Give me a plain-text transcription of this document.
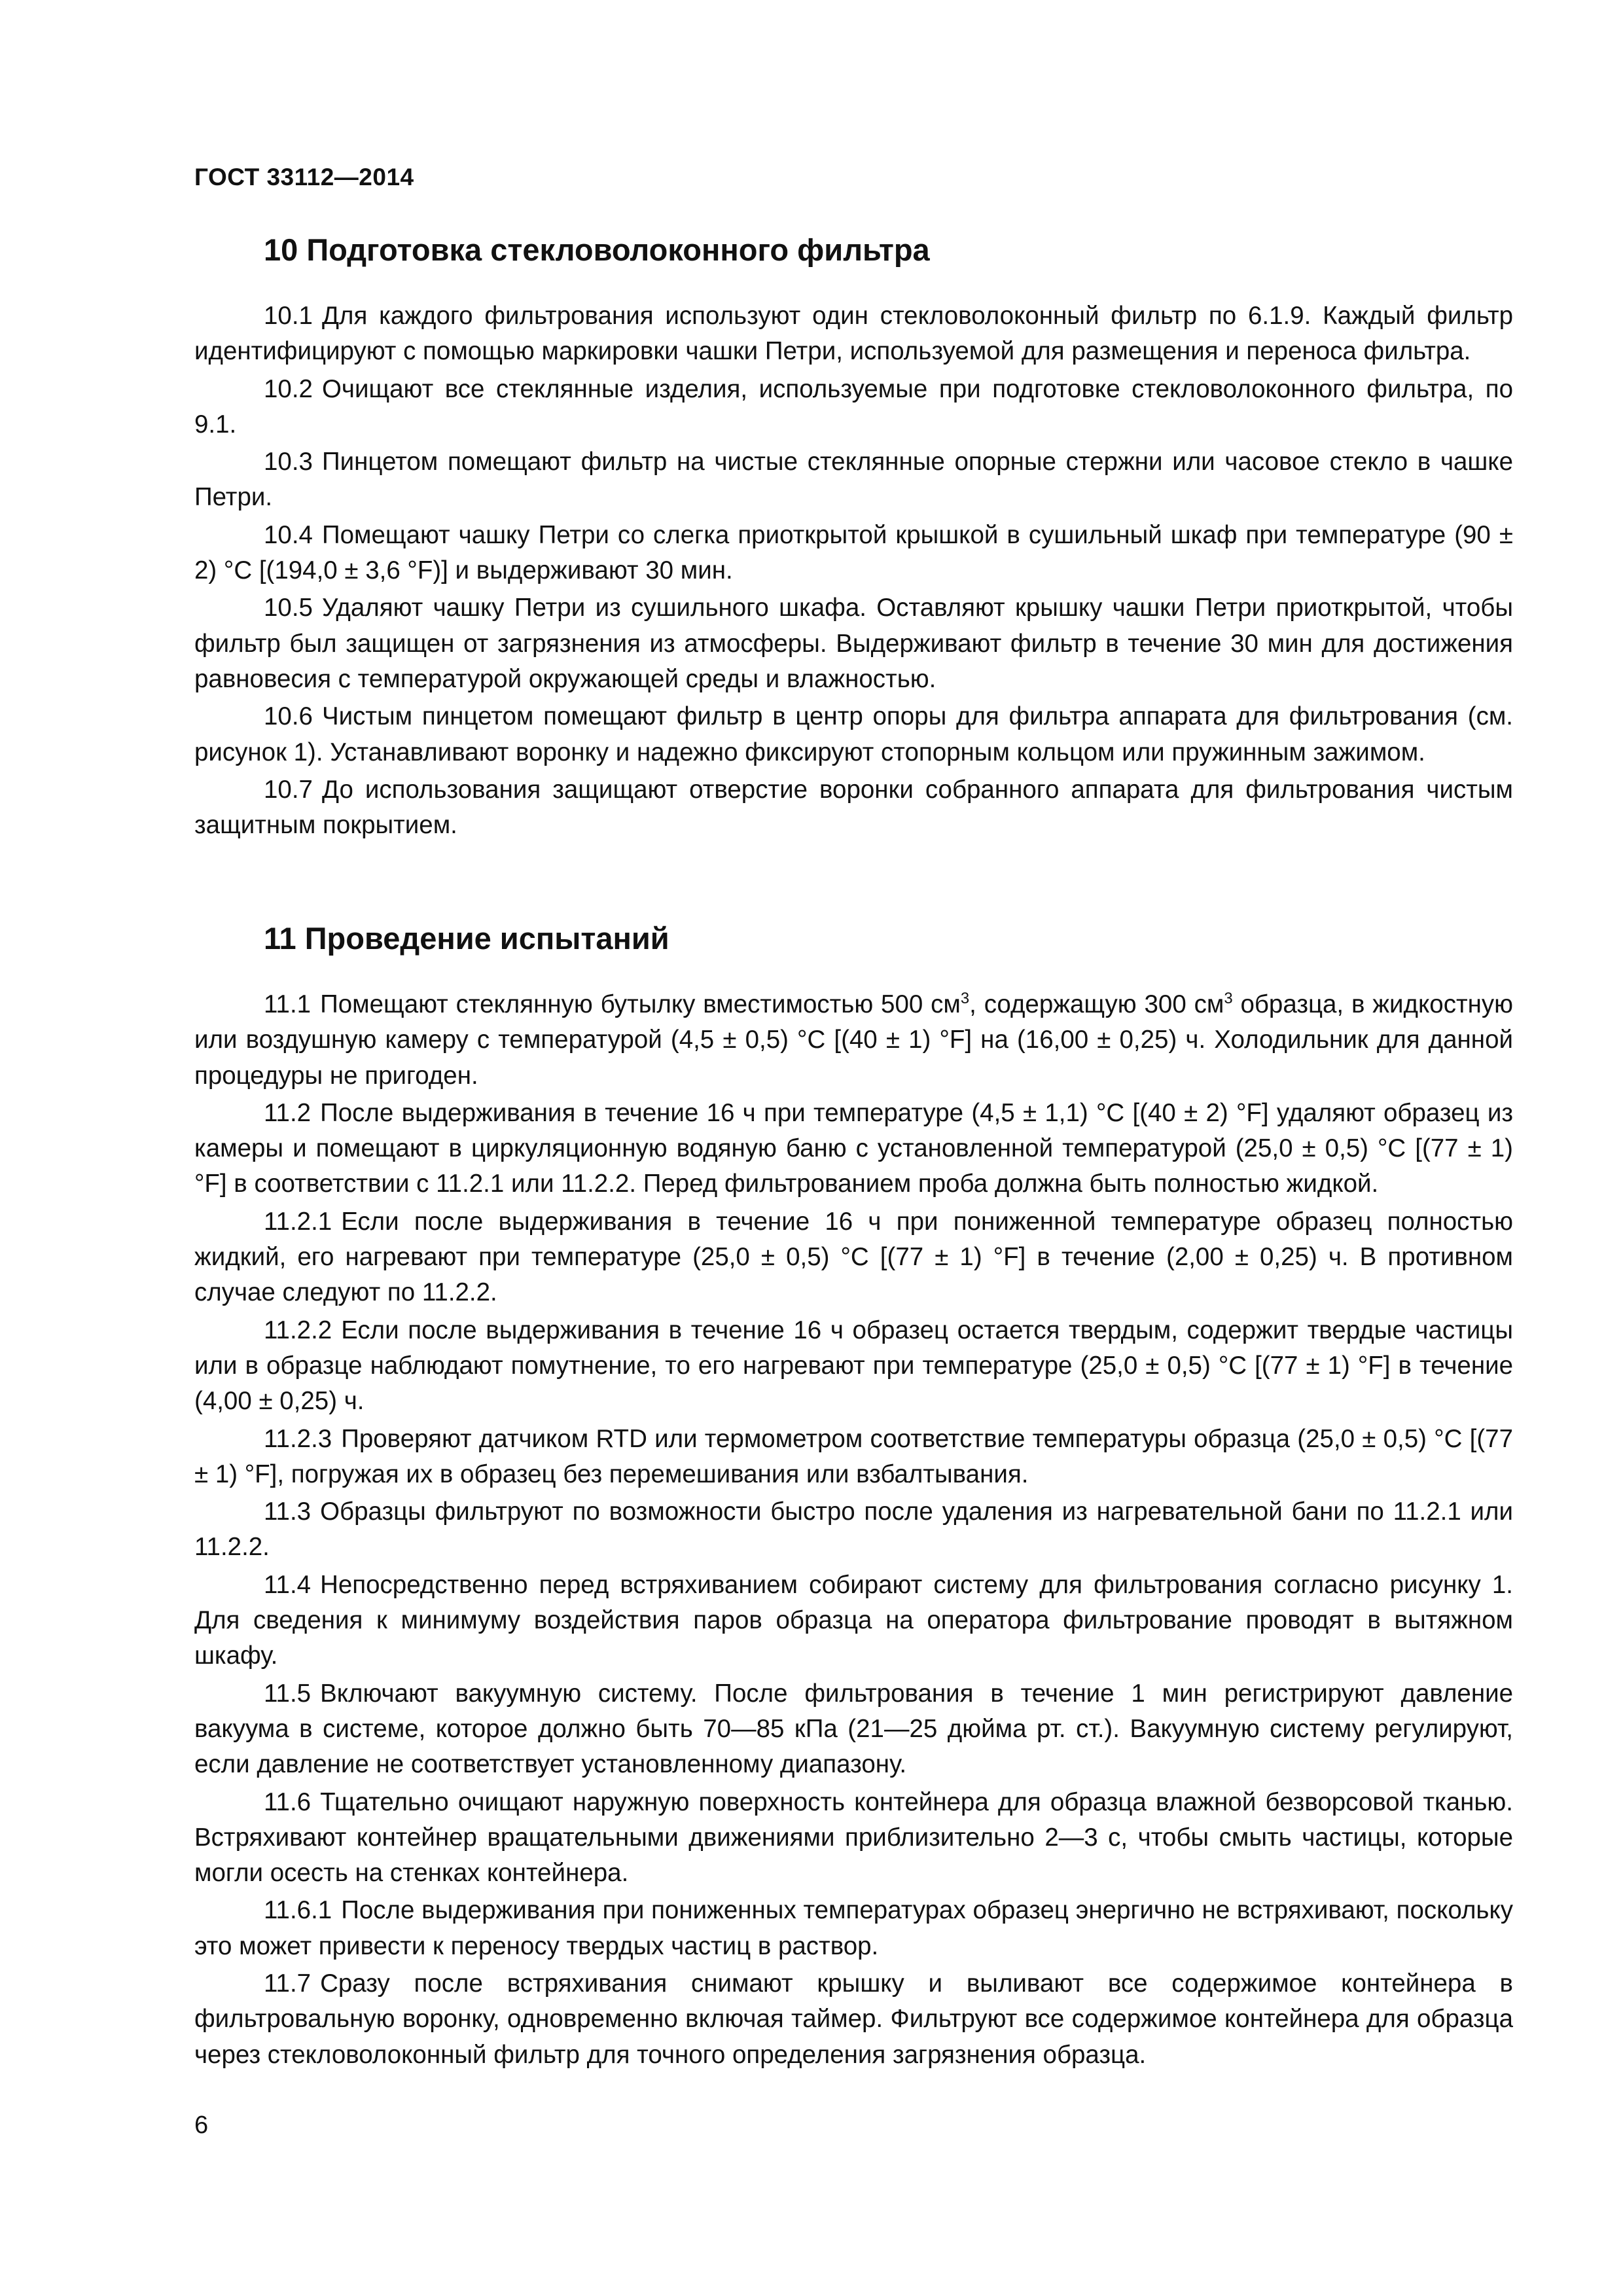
ГОСТ 33112—2014
10 Подготовка стекловолоконного фильтра

10.1 Для каждого фильтрования используют один стекловолоконный фильтр по 6.1.9. Каждый фильтр идентифицируют с помощью маркировки чашки Петри, используемой для размещения и переноса фильтра.

10.2 Очищают все стеклянные изделия, используемые при подготовке стекловолоконного фильтра, по 9.1.

10.3 Пинцетом помещают фильтр на чистые стеклянные опорные стержни или часовое стекло в чашке Петри.

10.4 Помещают чашку Петри со слегка приоткрытой крышкой в сушильный шкаф при температуре (90 ± 2) °C [(194,0 ± 3,6 °F)] и выдерживают 30 мин.

10.5 Удаляют чашку Петри из сушильного шкафа. Оставляют крышку чашки Петри приоткрытой, чтобы фильтр был защищен от загрязнения из атмосферы. Выдерживают фильтр в течение 30 мин для достижения равновесия с температурой окружающей среды и влажностью.

10.6 Чистым пинцетом помещают фильтр в центр опоры для фильтра аппарата для фильтрования (см. рисунок 1). Устанавливают воронку и надежно фиксируют стопорным кольцом или пружинным зажимом.

10.7 До использования защищают отверстие воронки собранного аппарата для фильтрования чистым защитным покрытием.

11 Проведение испытаний

11.1 Помещают стеклянную бутылку вместимостью 500 $см^3$, содержащую 300 $см^3$ образца, в жидкостную или воздушную камеру с температурой (4,5 ± 0,5) °C [(40 ± 1) °F] на (16,00 ± 0,25) ч. Холодильник для данной процедуры не пригоден.

11.2 После выдерживания в течение 16 ч при температуре (4,5 ± 1,1) °C [(40 ± 2) °F] удаляют образец из камеры и помещают в циркуляционную водяную баню с установленной температурой (25,0 ± 0,5) °C [(77 ± 1) °F] в соответствии с 11.2.1 или 11.2.2. Перед фильтрованием проба должна быть полностью жидкой.

11.2.1 Если после выдерживания в течение 16 ч при пониженной температуре образец полностью жидкий, его нагревают при температуре (25,0 ± 0,5) °C [(77 ± 1) °F] в течение (2,00 ± 0,25) ч. В противном случае следуют по 11.2.2.

11.2.2 Если после выдерживания в течение 16 ч образец остается твердым, содержит твердые частицы или в образце наблюдают помутнение, то его нагревают при температуре (25,0 ± 0,5) °C [(77 ± 1) °F] в течение (4,00 ± 0,25) ч.

11.2.3 Проверяют датчиком RTD или термометром соответствие температуры образца (25,0 ± 0,5) °C [(77 ± 1) °F], погружая их в образец без перемешивания или взбалтывания.

11.3 Образцы фильтруют по возможности быстро после удаления из нагревательной бани по 11.2.1 или 11.2.2.

11.4 Непосредственно перед встряхиванием собирают систему для фильтрования согласно рисунку 1. Для сведения к минимуму воздействия паров образца на оператора фильтрование проводят в вытяжном шкафу.

11.5 Включают вакуумную систему. После фильтрования в течение 1 мин регистрируют давление вакуума в системе, которое должно быть 70—85 кПа (21—25 дюйма рт. ст.). Вакуумную систему регулируют, если давление не соответствует установленному диапазону.

11.6 Тщательно очищают наружную поверхность контейнера для образца влажной безворсовой тканью. Встряхивают контейнер вращательными движениями приблизительно 2—3 с, чтобы смыть частицы, которые могли осесть на стенках контейнера.

11.6.1 После выдерживания при пониженных температурах образец энергично не встряхивают, поскольку это может привести к переносу твердых частиц в раствор.

11.7 Сразу после встряхивания снимают крышку и выливают все содержимое контейнера в фильтровальную воронку, одновременно включая таймер. Фильтруют все содержимое контейнера для образца через стекловолоконный фильтр для точного определения загрязнения образца.

6
